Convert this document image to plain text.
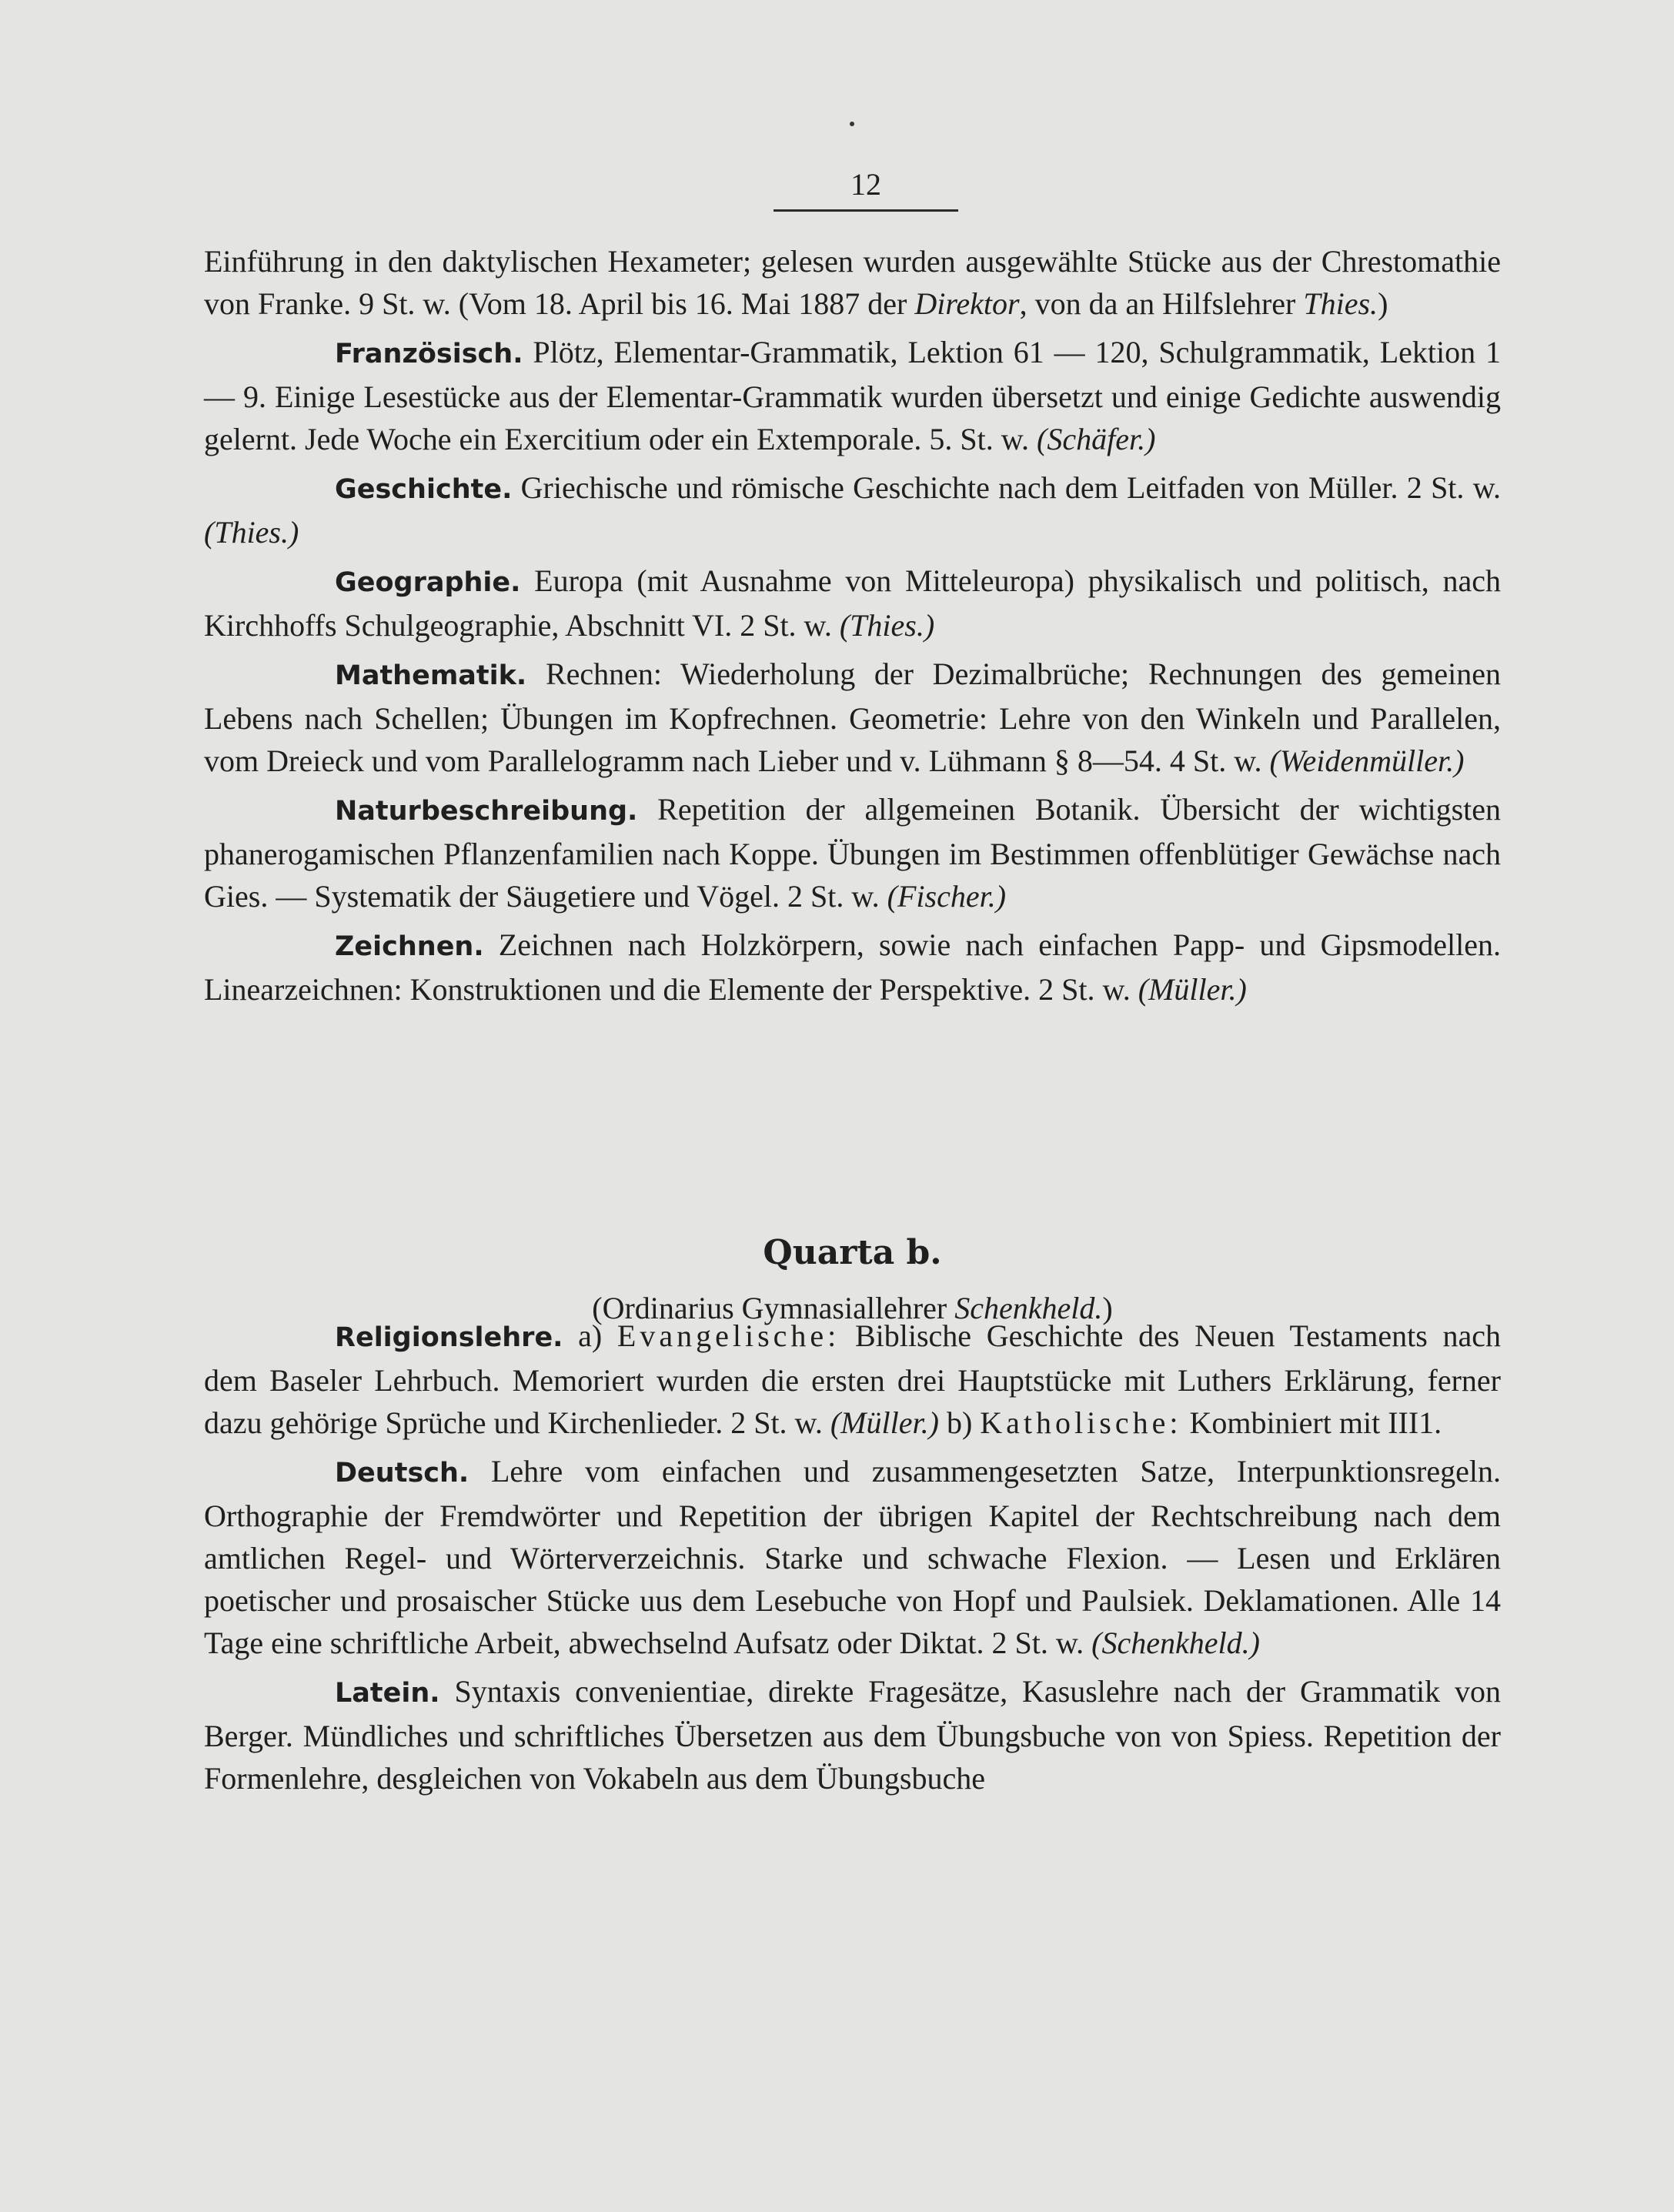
12

Einführung in den daktylischen Hexameter; gelesen wurden ausgewählte Stücke aus der Chrestomathie von Franke. 9 St. w. (Vom 18. April bis 16. Mai 1887 der Direktor, von da an Hilfslehrer Thies.)

Französisch. Plötz, Elementar-Grammatik, Lektion 61 — 120, Schulgrammatik, Lektion 1 — 9. Einige Lesestücke aus der Elementar-Grammatik wurden übersetzt und einige Gedichte auswendig gelernt. Jede Woche ein Exercitium oder ein Extemporale. 5. St. w. (Schäfer.)

Geschichte. Griechische und römische Geschichte nach dem Leitfaden von Müller. 2 St. w. (Thies.)

Geographie. Europa (mit Ausnahme von Mitteleuropa) physikalisch und politisch, nach Kirchhoffs Schulgeographie, Abschnitt VI. 2 St. w. (Thies.)

Mathematik. Rechnen: Wiederholung der Dezimalbrüche; Rechnungen des gemeinen Lebens nach Schellen; Übungen im Kopfrechnen. Geometrie: Lehre von den Winkeln und Parallelen, vom Dreieck und vom Parallelogramm nach Lieber und v. Lühmann § 8—54. 4 St. w. (Weidenmüller.)

Naturbeschreibung. Repetition der allgemeinen Botanik. Übersicht der wichtigsten phanerogamischen Pflanzenfamilien nach Koppe. Übungen im Bestimmen offenblütiger Gewächse nach Gies. — Systematik der Säugetiere und Vögel. 2 St. w. (Fischer.)

Zeichnen. Zeichnen nach Holzkörpern, sowie nach einfachen Papp- und Gipsmodellen. Linearzeichnen: Konstruktionen und die Elemente der Perspektive. 2 St. w. (Müller.)

Quarta b.
(Ordinarius Gymnasiallehrer Schenkheld.)

Religionslehre. a) Evangelische: Biblische Geschichte des Neuen Testaments nach dem Baseler Lehrbuch. Memoriert wurden die ersten drei Hauptstücke mit Luthers Erklärung, ferner dazu gehörige Sprüche und Kirchenlieder. 2 St. w. (Müller.) b) Katholische: Kombiniert mit III1.

Deutsch. Lehre vom einfachen und zusammengesetzten Satze, Interpunktionsregeln. Orthographie der Fremdwörter und Repetition der übrigen Kapitel der Rechtschreibung nach dem amtlichen Regel- und Wörterverzeichnis. Starke und schwache Flexion. — Lesen und Erklären poetischer und prosaischer Stücke uus dem Lesebuche von Hopf und Paulsiek. Deklamationen. Alle 14 Tage eine schriftliche Arbeit, abwechselnd Aufsatz oder Diktat. 2 St. w. (Schenkheld.)

Latein. Syntaxis convenientiae, direkte Fragesätze, Kasuslehre nach der Grammatik von Berger. Mündliches und schriftliches Übersetzen aus dem Übungsbuche von von Spiess. Repetition der Formenlehre, desgleichen von Vokabeln aus dem Übungsbuche
